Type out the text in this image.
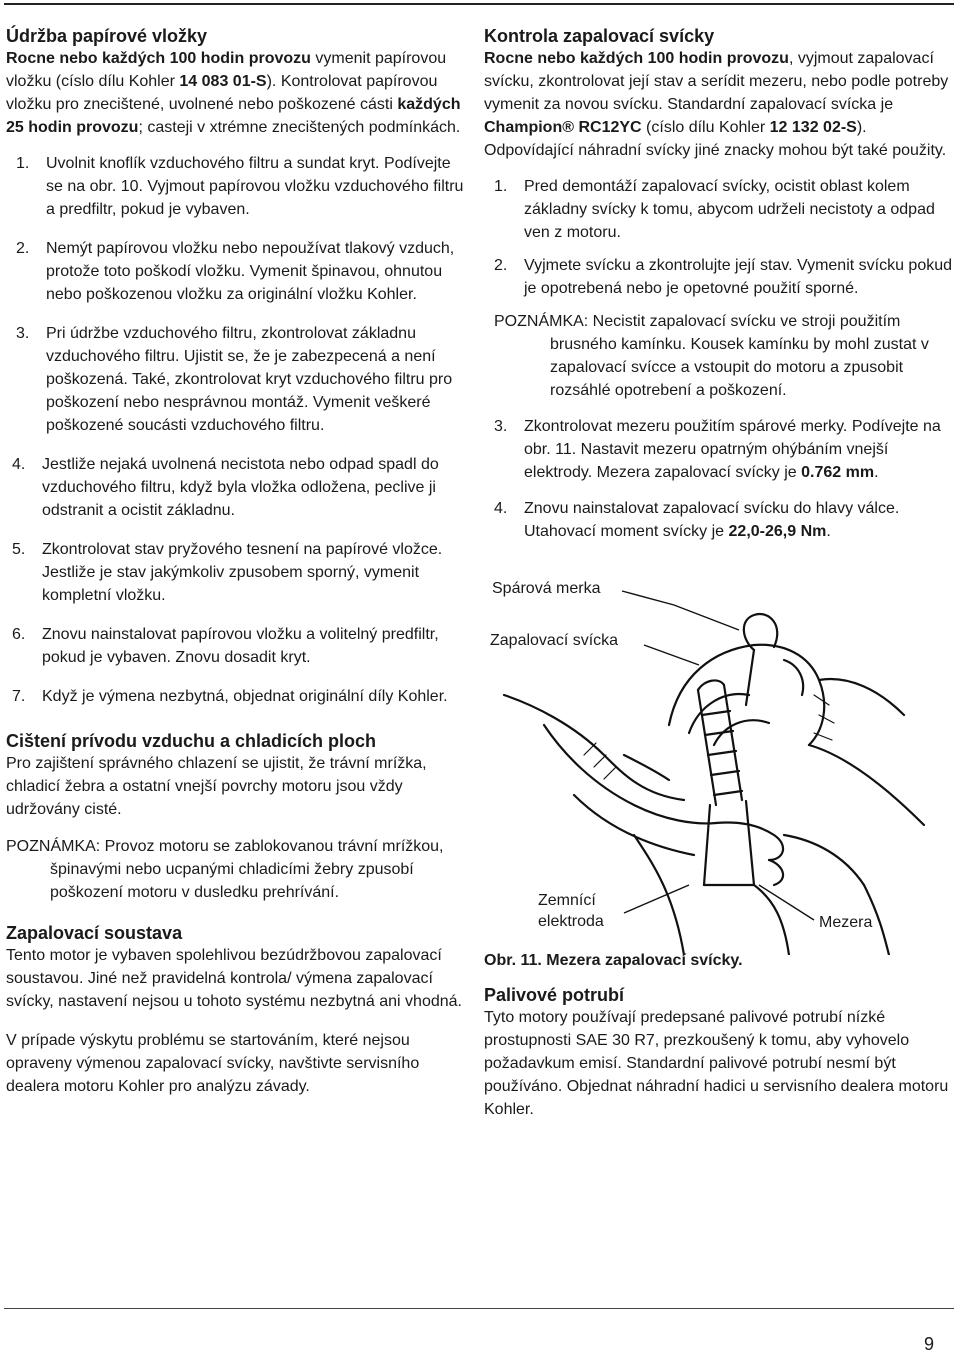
Údržba papírové vložky

Rocne nebo každých 100 hodin provozu vymenit papírovou vložku (císlo dílu Kohler 14 083 01-S). Kontrolovat papírovou vložku pro znecištené, uvolnené nebo poškozené cásti každých 25 hodin provozu; casteji v xtrémne znecištených podmínkách.

1.	Uvolnit knoflík vzduchového filtru a sundat kryt. Podívejte se na obr. 10. Vyjmout papírovou vložku vzduchového filtru a predfiltr, pokud je vybaven.
2.	Nemýt papírovou vložku nebo nepoužívat tlakový vzduch, protože toto poškodí vložku. Vymenit špinavou, ohnutou nebo poškozenou vložku za originální vložku Kohler.
3.	Pri údržbe vzduchového filtru, zkontrolovat základnu vzduchového filtru. Ujistit se, že je zabezpecená a není poškozená. Také, zkontrolovat kryt vzduchového filtru pro poškození nebo nesprávnou montáž. Vymenit veškeré poškozené soucásti vzduchového filtru.
4.	Jestliže nejaká uvolnená necistota nebo odpad spadl do vzduchového filtru, když byla vložka odložena, peclive ji odstranit a ocistit základnu.
5.	Zkontrolovat stav pryžového tesnení na papírové vložce. Jestliže je stav jakýmkoliv zpusobem sporný, vymenit kompletní vložku.
6.	Znovu nainstalovat papírovou vložku a volitelný predfiltr, pokud je vybaven. Znovu dosadit kryt.
7.	Když je výmena nezbytná, objednat originální díly Kohler.
Cištení prívodu vzduchu a chladicích ploch

Pro zajištení správného chlazení se ujistit, že trávní mrížka, chladicí žebra a ostatní vnejší povrchy motoru jsou vždy udržovány cisté.

POZNÁMKA: Provoz motoru se zablokovanou trávní mrížkou, špinavými nebo ucpanými chladicími žebry zpusobí poškození motoru v dusledku prehrívání.

Zapalovací soustava

Tento motor je vybaven spolehlivou bezúdržbovou zapalovací soustavou. Jiné než pravidelná kontrola/ výmena zapalovací svícky, nastavení nejsou u tohoto systému nezbytná ani vhodná.

V prípade výskytu problému se startováním, které nejsou opraveny výmenou zapalovací svícky, navštivte servisního dealera motoru Kohler pro analýzu závady.

Kontrola zapalovací svícky

Rocne nebo každých 100 hodin provozu, vyjmout zapalovací svícku, zkontrolovat její stav a serídit mezeru, nebo podle potreby vymenit za novou svícku. Standardní zapalovací svícka je Champion® RC12YC (císlo dílu Kohler 12 132 02-S). Odpovídající náhradní svícky jiné znacky mohou být také použity.

1.	Pred demontáží zapalovací svícky, ocistit oblast kolem základny svícky k tomu, abycom udrželi necistoty a odpad ven z motoru.
2.	Vyjmete svícku a zkontrolujte její stav. Vymenit svícku pokud je opotrebená nebo je opetovné použití sporné.

POZNÁMKA: Necistit zapalovací svícku ve stroji použitím brusného kamínku. Kousek kamínku by mohl zustat v zapalovací svícce a vstoupit do motoru a zpusobit rozsáhlé opotrebení a poškození.

3.	Zkontrolovat mezeru použitím spárové merky. Podívejte na obr. 11. Nastavit mezeru opatrným ohýbáním vnejší elektrody. Mezera zapalovací svícky je 0.762 mm.
4.	Znovu nainstalovat zapalovací svícku do hlavy válce. Utahovací moment svícky je 22,0-26,9 Nm.
Spárová merka
Zapalovací svícka
Zemnící
elektroda	Mezera

Obr. 11. Mezera zapalovací svícky.

Palivové potrubí

Tyto motory používají predepsané palivové potrubí nízké prostupnosti SAE 30 R7, prezkoušený k tomu, aby vyhovelo požadavkum emisí. Standardní palivové potrubí nesmí být používáno. Objednat náhradní hadici u servisního dealera motoru Kohler.

9
